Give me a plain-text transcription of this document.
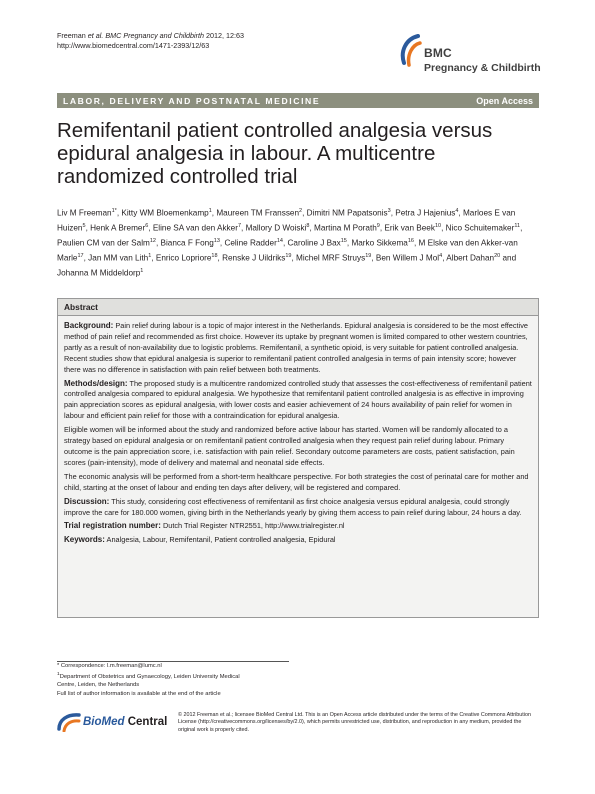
Freeman et al. BMC Pregnancy and Childbirth 2012, 12:63
http://www.biomedcentral.com/1471-2393/12/63
BMC
Pregnancy & Childbirth
LABOR, DELIVERY AND POSTNATAL MEDICINE	Open Access
Remifentanil patient controlled analgesia versus epidural analgesia in labour. A multicentre randomized controlled trial
Liv M Freeman$^{1*}$, Kitty WM Bloemenkamp$^1$, Maureen TM Franssen$^2$, Dimitri NM Papatsonis$^3$, Petra J Hajenius$^4$, Marloes E van Huizen$^5$, Henk A Bremer$^6$, Eline SA van den Akker$^7$, Mallory D Woiski$^8$, Martina M Porath$^9$, Erik van Beek$^{10}$, Nico Schuitemaker$^{11}$, Paulien CM van der Salm$^{12}$, Bianca F Fong$^{13}$, Celine Radder$^{14}$, Caroline J Bax$^{15}$, Marko Sikkema$^{16}$, M Elske van den Akker-van Marle$^{17}$, Jan MM van Lith$^1$, Enrico Lopriore$^{18}$, Renske J Uildriks$^{19}$, Michel MRF Struys$^{19}$, Ben Willem J Mol$^4$, Albert Dahan$^{20}$ and Johanna M Middeldorp$^1$
Abstract

Background: Pain relief during labour is a topic of major interest in the Netherlands. Epidural analgesia is considered to be the most effective method of pain relief and recommended as first choice. However its uptake by pregnant women is limited compared to other western countries, partly as a result of non-availability due to logistic problems. Remifentanil, a synthetic opioid, is very suitable for patient controlled analgesia. Recent studies show that epidural analgesia is superior to remifentanil patient controlled analgesia in terms of pain intensity score; however there was no difference in satisfaction with pain relief between both treatments.

Methods/design: The proposed study is a multicentre randomized controlled study that assesses the cost-effectiveness of remifentanil patient controlled analgesia compared to epidural analgesia. We hypothesize that remifentanil patient controlled analgesia is as effective in improving pain appreciation scores as epidural analgesia, with lower costs and easier achievement of 24 hours availability of pain relief for women in labour and efficient pain relief for those with a contraindication for epidural analgesia.

Eligible women will be informed about the study and randomized before active labour has started. Women will be randomly allocated to a strategy based on epidural analgesia or on remifentanil patient controlled analgesia when they request pain relief during labour. Primary outcome is the pain appreciation score, i.e. satisfaction with pain relief. Secondary outcome parameters are costs, patient satisfaction, pain scores (pain-intensity), mode of delivery and maternal and neonatal side effects.

The economic analysis will be performed from a short-term healthcare perspective. For both strategies the cost of perinatal care for mother and child, starting at the onset of labour and ending ten days after delivery, will be registered and compared.

Discussion: This study, considering cost effectiveness of remifentanil as first choice analgesia versus epidural analgesia, could strongly improve the care for 180.000 women, giving birth in the Netherlands yearly by giving them access to pain relief during labour, 24 hours a day.

Trial registration number: Dutch Trial Register NTR2551, http://www.trialregister.nl

Keywords: Analgesia, Labour, Remifentanil, Patient controlled analgesia, Epidural

* Correspondence: l.m.freeman@lumc.nl
$^1$Department of Obstetrics and Gynaecology, Leiden University Medical
Centre, Leiden, the Netherlands
Full list of author information is available at the end of the article
BioMed Central
© 2012 Freeman et al.; licensee BioMed Central Ltd. This is an Open Access article distributed under the terms of the Creative Commons Attribution License (http://creativecommons.org/licenses/by/2.0), which permits unrestricted use, distribution, and reproduction in any medium, provided the original work is properly cited.
